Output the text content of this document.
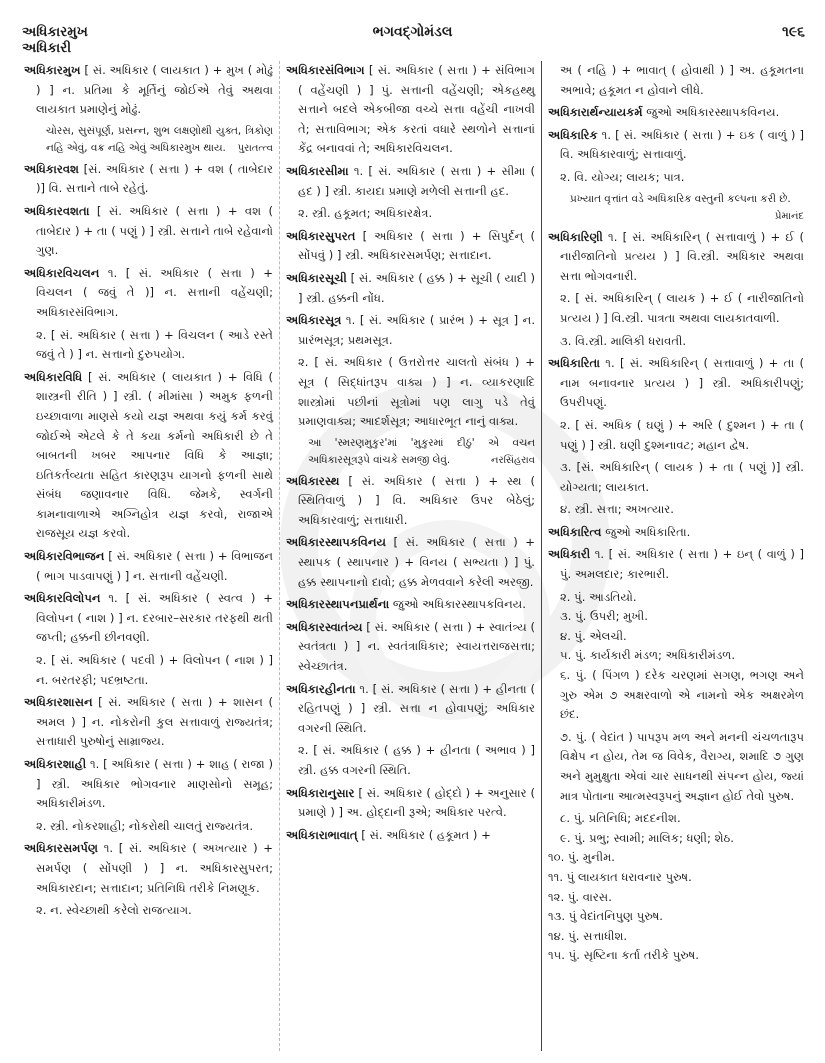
અધિકારમુખ
અધિકારી
ભગવદ્ગોમંડલ	૧૯૬
અધિકારમુખ [ સં. અધિકાર ( લાયકાત ) + મુખ ( મોઢું ) ] ન. પ્રતિમા કે મૂર્તિનું જોઈએ તેવું અથવા લાયકાત પ્રમાણેનું મોઢું.
ચોરસ, સુસંપૂર્ણ, પ્રસન્ન, શુભ લક્ષણોથી યુક્ત, ત્રિકોણ નહિ એવું, વક્ર નહિ એવું અધિકારમુખ થાય. પુરાતત્ત્વ
અધિકારવશ [સં. અધિકાર ( સત્તા ) + વશ ( તાબેદાર )] વિ. સત્તાને તાબે રહેતું.
અધિકારવશતા [ સં. અધિકાર ( સત્તા ) + વશ ( તાબેદાર ) + તા ( પણું ) ] સ્ત્રી. સત્તાને તાબે રહેવાનો ગુણ.
અધિકારવિચલન ૧. [ સં. અધિકાર ( સત્તા ) + વિચલન ( જવું તે )] ન. સત્તાની વહેંચણી; અધિકારસંવિભાગ.
૨. [ સં. અધિકાર ( સત્તા ) + વિચલન ( આડે રસ્તે જવું તે ) ] ન. સત્તાનો દુરુપયોગ.
અધિકારવિધિ [ સં. અધિકાર ( લાયકાત ) + વિધિ ( શાસ્ત્રની રીતિ ) ] સ્ત્રી. ( મીમાંસા ) અમુક ફળની ઇચ્છાવાળા માણસે કયો યજ્ઞ અથવા કયું કર્મ કરવું જોઈએ એટલે કે તે કયા કર્મનો અધિકારી છે તે બાબતની ખબર આપનાર વિધિ કે આજ્ઞા; ઇતિકર્તવ્યતા સહિત કારણરૂપ યાગનો ફળની સાથે સંબંધ જણાવનાર વિધિ. જેમકે, સ્વર્ગની કામનાવાળાએ અગ્નિહોત્ર યજ્ઞ કરવો, રાજાએ રાજસૂય યજ્ઞ કરવો.
અધિકારવિભાજન [ સં. અધિકાર ( સત્તા ) + વિભાજન ( ભાગ પાડવાપણું ) ] ન. સત્તાની વહેંચણી.
અધિકારવિલોપન ૧. [ સં. અધિકાર ( સ્વત્વ ) + વિલોપન ( નાશ ) ] ન. દરબાર–સરકાર તરફથી થતી જપ્તી; હક્કની છીનવણી.
૨. [ સં. અધિકાર ( પદવી ) + વિલોપન ( નાશ ) ] ન. બરતરફી; પદભ્રષ્ટતા.
અધિકારશાસન [ સં. અધિકાર ( સત્તા ) + શાસન ( અમલ ) ] ન. નોકરોની કુલ સત્તાવાળું રાજ્યતંત્ર; સત્તાધારી પુરુષોનું સામ્રાજ્ય.
અધિકારશાહી ૧. [ અધિકાર ( સત્તા ) + શાહ ( રાજા ) ] સ્ત્રી. અધિકાર ભોગવનાર માણસોનો સમૂહ; અધિકારીમંડળ.
૨. સ્ત્રી. નોકરશાહી; નોકરોથી ચાલતું રાજ્યતંત્ર.
અધિકારસમર્પણ ૧. [ સં. અધિકાર ( અખત્યાર ) + સમર્પણ ( સોંપણી ) ] ન. અધિકારસુપરત; અધિકારદાન; સત્તાદાન; પ્રતિનિધિ તરીકે નિમણૂક.
૨. ન. સ્વેચ્છાથી કરેલો રાજત્યાગ.
અધિકારસંવિભાગ [ સં. અધિકાર ( સત્તા ) + સંવિભાગ ( વહેંચણી ) ] પું. સત્તાની વહેંચણી; એકહથ્થુ સત્તાને બદલે એકબીજા વચ્ચે સત્તા વહેંચી નાખવી તે; સત્તાવિભાગ; એક કરતાં વધારે સ્થળોને સત્તાનાં કેંદ્ર બનાવવાં તે; અધિકારવિચલન.
અધિકારસીમા ૧. [ સં. અધિકાર ( સત્તા ) + સીમા ( હદ ) ] સ્ત્રી. કાયદા પ્રમાણે મળેલી સત્તાની હદ.
૨. સ્ત્રી. હકૂમત; અધિકારક્ષેત્ર.
અધિકારસુપરત [ અધિકાર ( સત્તા ) + સિપુર્દન્ ( સોંપવું ) ] સ્ત્રી. અધિકારસમર્પણ; સત્તાદાન.
અધિકારસૂચી [ સં. અધિકાર ( હક્ક ) + સૂચી ( યાદી ) ] સ્ત્રી. હક્કની નોંધ.
અધિકારસૂત્ર ૧. [ સં. અધિકાર ( પ્રારંભ ) + સૂત્ર ] ન. પ્રારંભસૂત્ર; પ્રથમસૂત્ર.
૨. [ સં. અધિકાર ( ઉત્તરોત્તર ચાલતો સંબંધ ) + સૂત્ર ( સિદ્ધાંતરૂપ વાક્ય ) ] ન. વ્યાકરણાદિ શાસ્ત્રોમાં પછીનાં સૂત્રોમાં પણ લાગુ પડે તેવું પ્રમાણવાક્ય; આદર્શસૂત્ર; આધારભૂત નાનું વાક્ય.
આ 'સ્મરણમુકુર'માં 'મુકુરમાં દીઠું' એ વચન અધિકારસૂત્રરૂપે વાંચકે સમજી લેવું.	નરસિંહરાવ
અધિકારસ્થ [ સં. અધિકાર ( સત્તા ) + સ્થ ( સ્થિતિવાળું ) ] વિ. અધિકાર ઉપર બેઠેલું; અધિકારવાળું; સત્તાધારી.
અધિકારસ્થાપકવિનય [ સં. અધિકાર ( સત્તા ) + સ્થાપક ( સ્થાપનાર ) + વિનય ( સભ્યતા ) ] પું. હક્ક સ્થાપનાનો દાવો; હક્ક મેળવવાને કરેલી અરજી.
અધિકારસ્થાપનપ્રાર્થના જુઓ અધિકારસ્થાપકવિનય.
અધિકારસ્વાતંત્ર્ય [ સં. અધિકાર ( સત્તા ) + સ્વાતંત્ર્ય ( સ્વતંત્રતા ) ] ન. સ્વતંત્રાધિકાર; સ્વાયત્તરાજસત્તા; સ્વેચ્છાતંત્ર.
અધિકારહીનતા ૧. [ સં. અધિકાર ( સત્તા ) + હીનતા ( રહિતપણું ) ] સ્ત્રી. સત્તા ન હોવાપણું; અધિકાર વગરની સ્થિતિ.
૨. [ સં. અધિકાર ( હક્ક ) + હીનતા ( અભાવ ) ] સ્ત્રી. હક્ક વગરની સ્થિતિ.
અધિકારાનુસાર [ સં. અધિકાર ( હોદ્દો ) + અનુસાર ( પ્રમાણે ) ] અ. હોદ્દાની રૂએ; અધિકાર પરત્વે.
અધિકારાભાવાત્ [ સં. અધિકાર ( હકૂમત ) +
અ ( નહિ ) + ભાવાત્ ( હોવાથી ) ] અ. હકૂમતના અભાવે; હકૂમત ન હોવાને લીધે.
અધિકારાર્થન્યાયકર્મ જુઓ અધિકારસ્થાપકવિનય.
અધિકારિક ૧. [ સં. અધિકાર ( સત્તા ) + ઇક ( વાળું ) ] વિ. અધિકારવાળું; સત્તાવાળું.
૨. વિ. યોગ્ય; લાયક; પાત્ર.
પ્રખ્યાત વૃત્તાંત વડે અધિકારિક વસ્તુની કલ્પના કરી છે.
પ્રેમાનંદ
અધિકારિણી ૧. [ સં. અધિકારિન્ ( સત્તાવાળું ) + ઈ ( નારીજાતિનો પ્રત્યય ) ] વિ.સ્ત્રી. અધિકાર અથવા સત્તા ભોગવનારી.
૨. [ સં. અધિકારિન્ ( લાયક ) + ઈ ( નારીજાતિનો પ્રત્યય ) ] વિ.સ્ત્રી. પાત્રતા અથવા લાયકાતવાળી.
૩. વિ.સ્ત્રી. માલિકી ધરાવતી.
અધિકારિતા ૧. [ સં. અધિકારિન્ ( સત્તાવાળું ) + તા ( નામ બનાવનાર પ્રત્યય ) ] સ્ત્રી. અધિકારીપણું; ઉપરીપણું.
૨. [ સં. અધિક ( ઘણું ) + અરિ ( દુશ્મન ) + તા ( પણું ) ] સ્ત્રી. ઘણી દુશ્મનાવટ; મહાન દ્વેષ.
૩. [સં. અધિકારિન્ ( લાયક ) + તા ( પણું )] સ્ત્રી. યોગ્યતા; લાયકાત.
૪. સ્ત્રી. સત્તા; અખત્યાર.
અધિકારિત્વ જુઓ અધિકારિતા.
અધિકારી ૧. [ સં. અધિકાર ( સત્તા ) + ઇન્ ( વાળું ) ] પું. અમલદાર; કારભારી.
૨. પું. આડતિયો.
૩. પું. ઉપરી; મુખી.
૪. પું. એલચી.
૫. પું. કાર્યકારી મંડળ; અધિકારીમંડળ.
૬. પું. ( પિંગળ ) દરેક ચરણમાં સગણ, ભગણ અને ગુરુ એમ ૭ અક્ષરવાળો એ નામનો એક અક્ષરમેળ છંદ.
૭. પું. ( વેદાંત ) પાપરૂપ મળ અને મનની ચંચળતારૂપ વિક્ષેપ ન હોય, તેમ જ વિવેક, વૈરાગ્ય, શમાદિ ૭ ગુણ અને મુમુક્ષુતા એવાં ચાર સાધનથી સંપન્ન હોય, જ્યાં માત્ર પોતાના આત્મસ્વરૂપનું અજ્ઞાન હોઈ તેવો પુરુષ.
૮. પું. પ્રતિનિધિ; મદદનીશ.
૯. પું. પ્રભુ; સ્વામી; માલિક; ધણી; શેઠ.
૧૦. પું. મુનીમ.
૧૧. પું લાયકાત ધરાવનાર પુરુષ.
૧૨. પું. વારસ.
૧૩. પું વેદાંતનિપુણ પુરુષ.
૧૪. પું. સત્તાધીશ.
૧૫. પું. સૃષ્ટિના કર્તા તરીકે પુરુષ.
